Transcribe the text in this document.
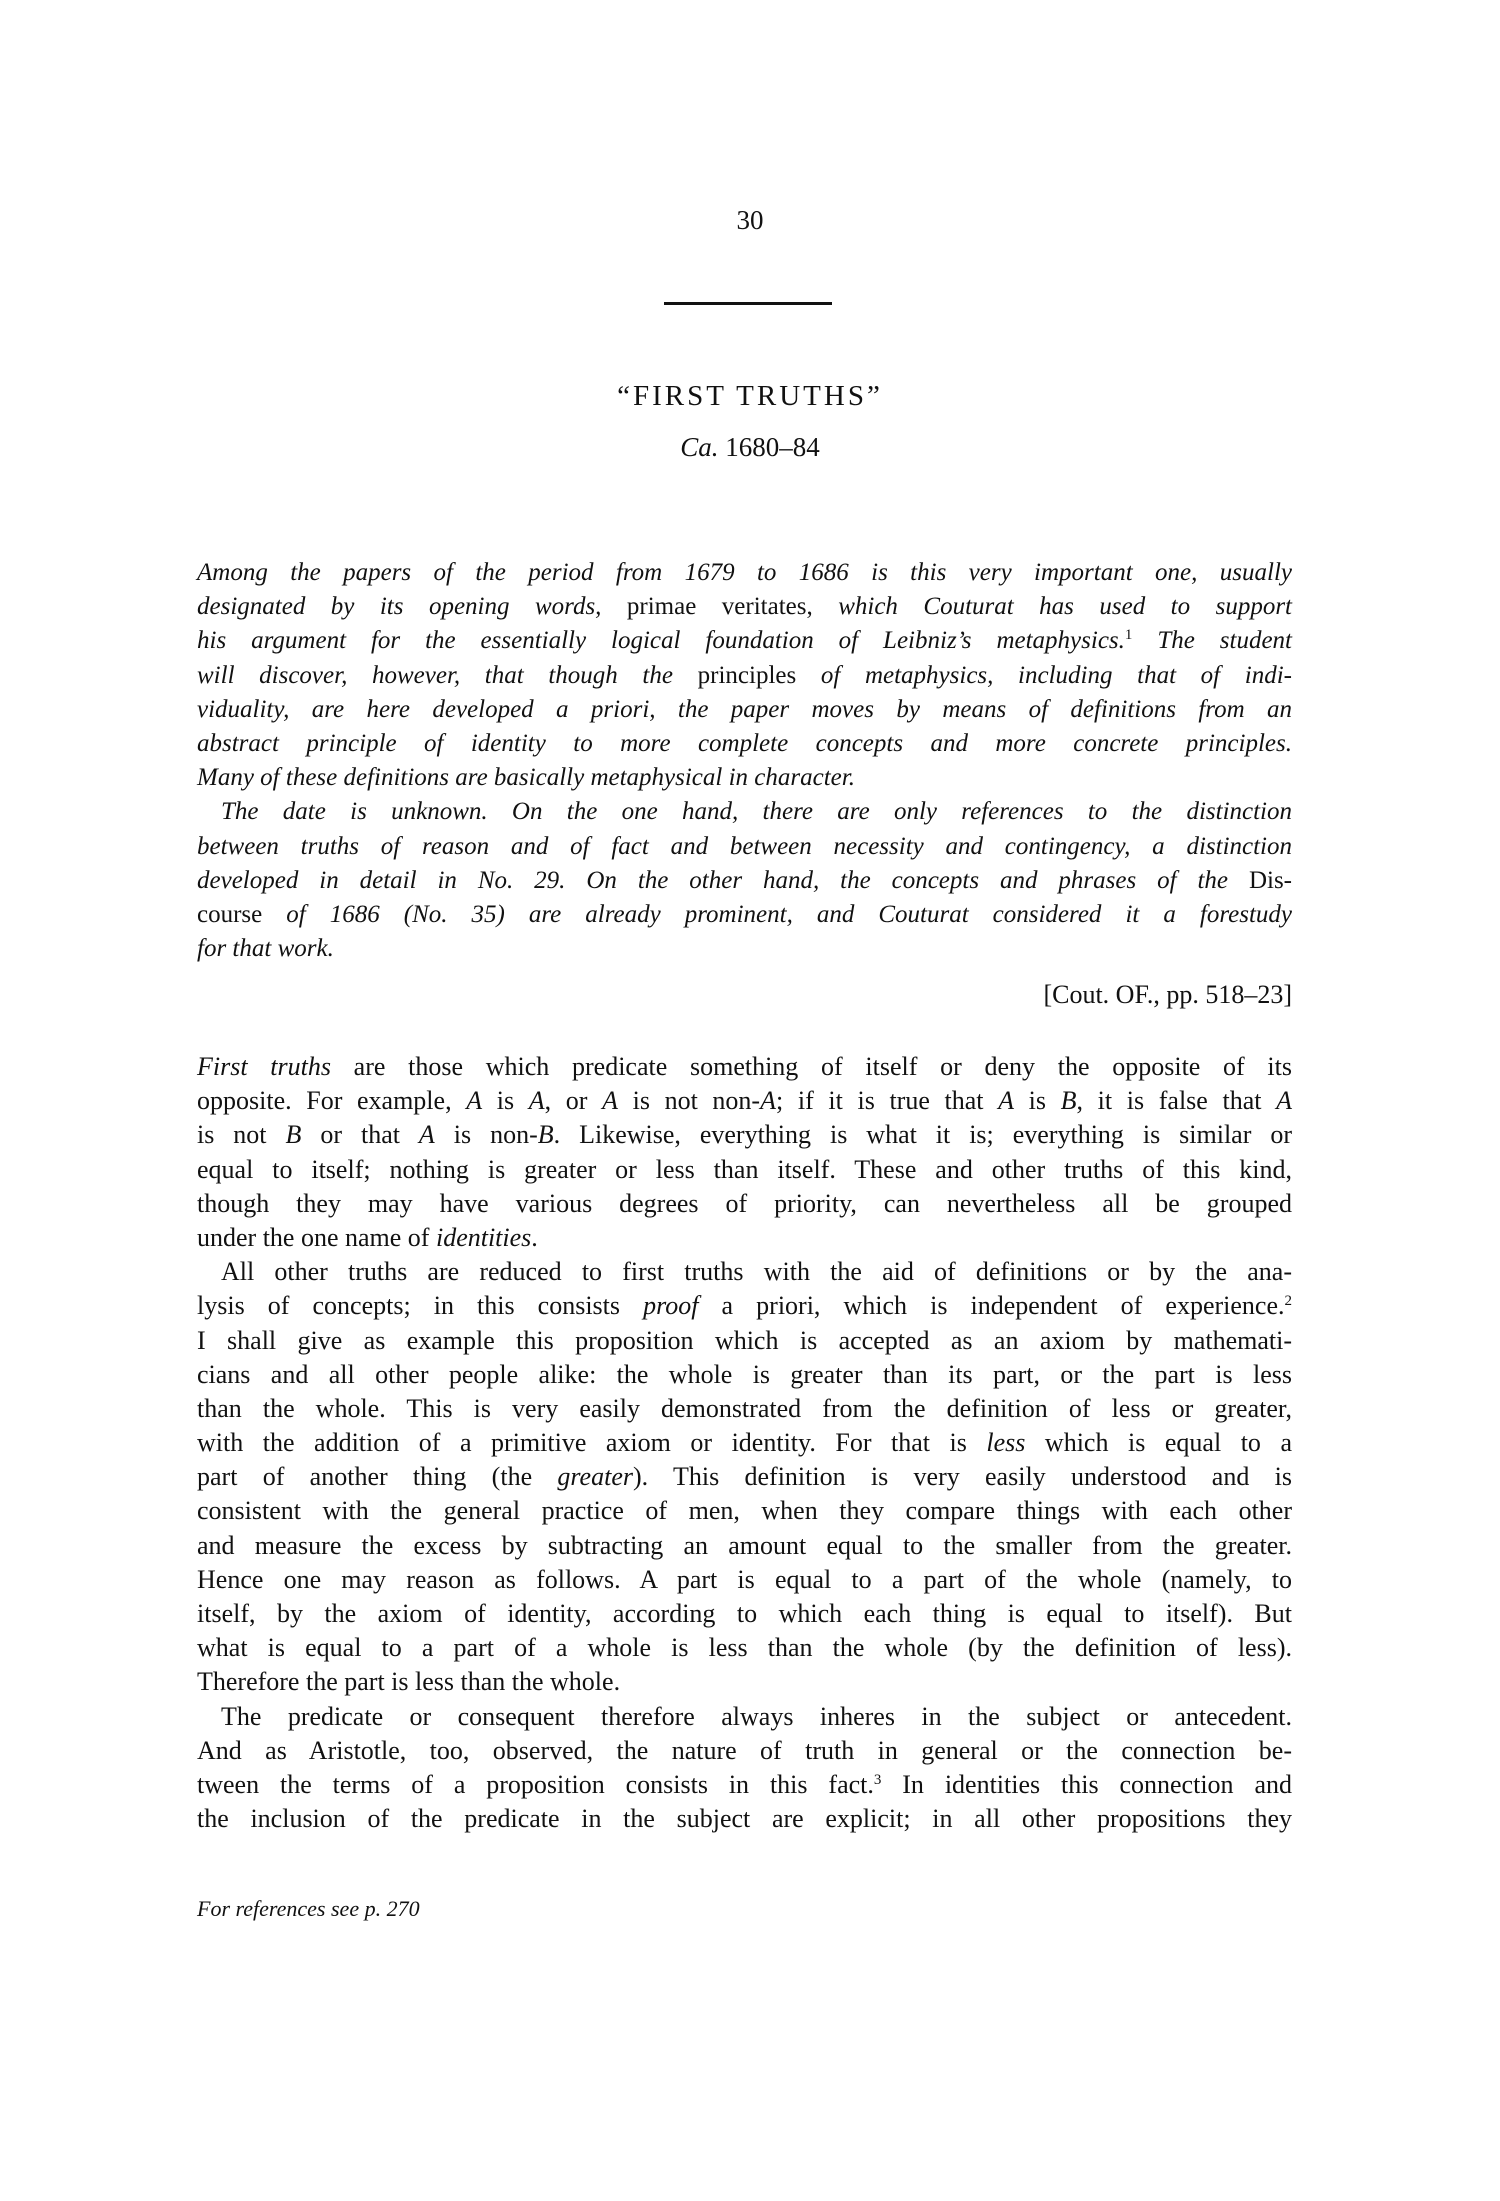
30
“FIRST TRUTHS”
Ca. 1680–84
Among the papers of the period from 1679 to 1686 is this very important one, usually
designated by its opening words, primae veritates, which Couturat has used to support
his argument for the essentially logical foundation of Leibniz’s metaphysics.$^1$ The student
will discover, however, that though the principles of metaphysics, including that of indi-
viduality, are here developed a priori, the paper moves by means of definitions from an
abstract principle of identity to more complete concepts and more concrete principles.
Many of these definitions are basically metaphysical in character.
The date is unknown. On the one hand, there are only references to the distinction
between truths of reason and of fact and between necessity and contingency, a distinction
developed in detail in No. 29. On the other hand, the concepts and phrases of the Dis-
course of 1686 (No. 35) are already prominent, and Couturat considered it a forestudy
for that work.
[Cout. OF., pp. 518–23]
First truths are those which predicate something of itself or deny the opposite of its
opposite. For example, A is A, or A is not non-A; if it is true that A is B, it is false that A
is not B or that A is non-B. Likewise, everything is what it is; everything is similar or
equal to itself; nothing is greater or less than itself. These and other truths of this kind,
though they may have various degrees of priority, can nevertheless all be grouped
under the one name of identities.
All other truths are reduced to first truths with the aid of definitions or by the ana-
lysis of concepts; in this consists proof a priori, which is independent of experience.$^2$
I shall give as example this proposition which is accepted as an axiom by mathemati-
cians and all other people alike: the whole is greater than its part, or the part is less
than the whole. This is very easily demonstrated from the definition of less or greater,
with the addition of a primitive axiom or identity. For that is less which is equal to a
part of another thing (the greater). This definition is very easily understood and is
consistent with the general practice of men, when they compare things with each other
and measure the excess by subtracting an amount equal to the smaller from the greater.
Hence one may reason as follows. A part is equal to a part of the whole (namely, to
itself, by the axiom of identity, according to which each thing is equal to itself). But
what is equal to a part of a whole is less than the whole (by the definition of less).
Therefore the part is less than the whole.
The predicate or consequent therefore always inheres in the subject or antecedent.
And as Aristotle, too, observed, the nature of truth in general or the connection be-
tween the terms of a proposition consists in this fact.$^3$ In identities this connection and
the inclusion of the predicate in the subject are explicit; in all other propositions they
For references see p. 270
